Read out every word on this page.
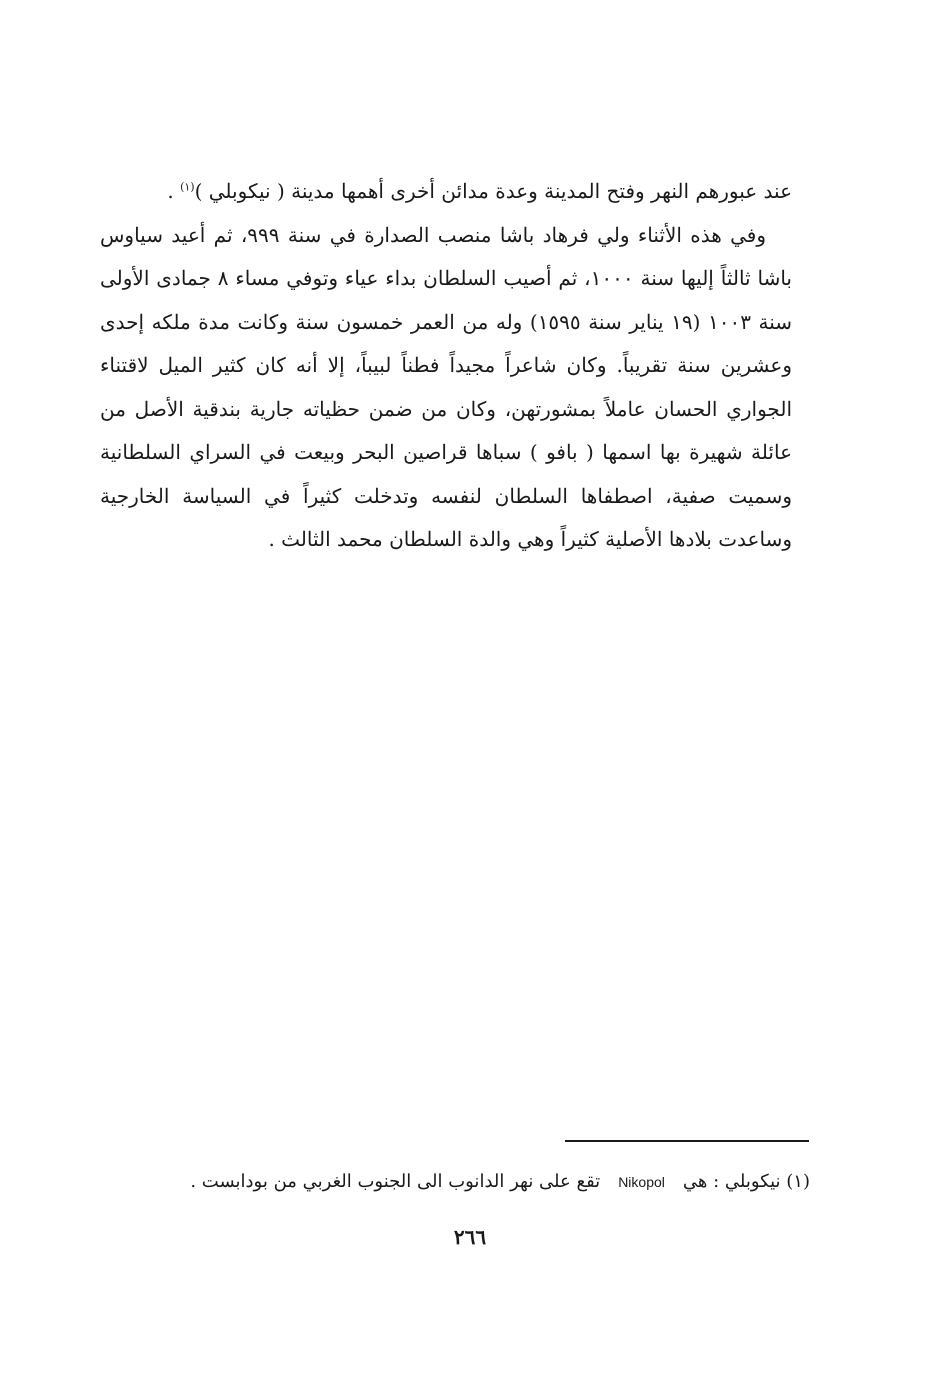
عند عبورهم النهر وفتح المدينة وعدة مدائن أخرى أهمها مدينة ( نيكوبلي )$^{(١)}$ .

وفي هذه الأثناء ولي فرهاد باشا منصب الصدارة في سنة ٩٩٩، ثم أعيد سياوس باشا ثالثاً إليها سنة ١٠٠٠، ثم أصيب السلطان بداء عياء وتوفي مساء ٨ جمادى الأولى سنة ١٠٠٣ (١٩ يناير سنة ١٥٩٥) وله من العمر خمسون سنة وكانت مدة ملكه إحدى وعشرين سنة تقريباً. وكان شاعراً مجيداً فطناً لبيباً، إلا أنه كان كثير الميل لاقتناء الجواري الحسان عاملاً بمشورتهن، وكان من ضمن حظياته جارية بندقية الأصل من عائلة شهيرة بها اسمها ( بافو ) سباها قراصين البحر وبيعت في السراي السلطانية وسميت صفية، اصطفاها السلطان لنفسه وتدخلت كثيراً في السياسة الخارجية وساعدت بلادها الأصلية كثيراً وهي والدة السلطان محمد الثالث .

(١) نيكوبلي : هيNikopolتقع على نهر الدانوب الى الجنوب الغربي من بودابست .
٢٦٦
